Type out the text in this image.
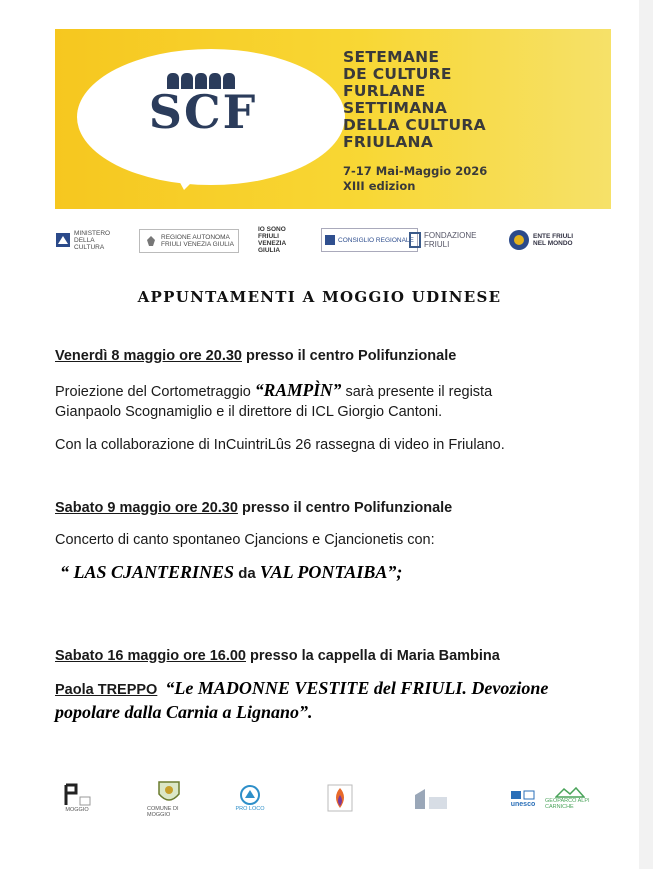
SCF
SETEMANE
DE CULTURE
FURLANE
SETTIMANA
DELLA CULTURA
FRIULANA
7-17 Mai-Maggio 2026
XIII edizion
MINISTERO
DELLA
CULTURA
REGIONE AUTONOMA
FRIULI VENEZIA GIULIA
IO SONO
FRIULI
VENEZIA
GIULIA
CONSIGLIO REGIONALE FONDAZIONE
FRIULI
ENTE FRIULI
NEL MONDO
APPUNTAMENTI A MOGGIO UDINESE
Venerdì 8 maggio ore 20.30 presso il centro Polifunzionale
Proiezione del Cortometraggio “RAMPÌN” sarà presente il regista
Gianpaolo Scognamiglio e il direttore di ICL Giorgio Cantoni.
Con la collaborazione di InCuintriLûs 26 rassegna di video in Friulano.
Sabato 9 maggio ore 20.30 presso il centro Polifunzionale
Concerto di canto spontaneo Cjancions e Cjancionetis con:
“ LAS CJANTERINES da VAL PONTAIBA”;
Sabato 16 maggio ore 16.00 presso la cappella di Maria Bambina
Paola TREPPO “Le MADONNE VESTITE del FRIULI. Devozione
popolare dalla Carnia a Lignano”.
MOGGIO	COMUNE DI MOGGIO
PRO LOCO
unesco GEOPARCO ALPI CARNICHE
